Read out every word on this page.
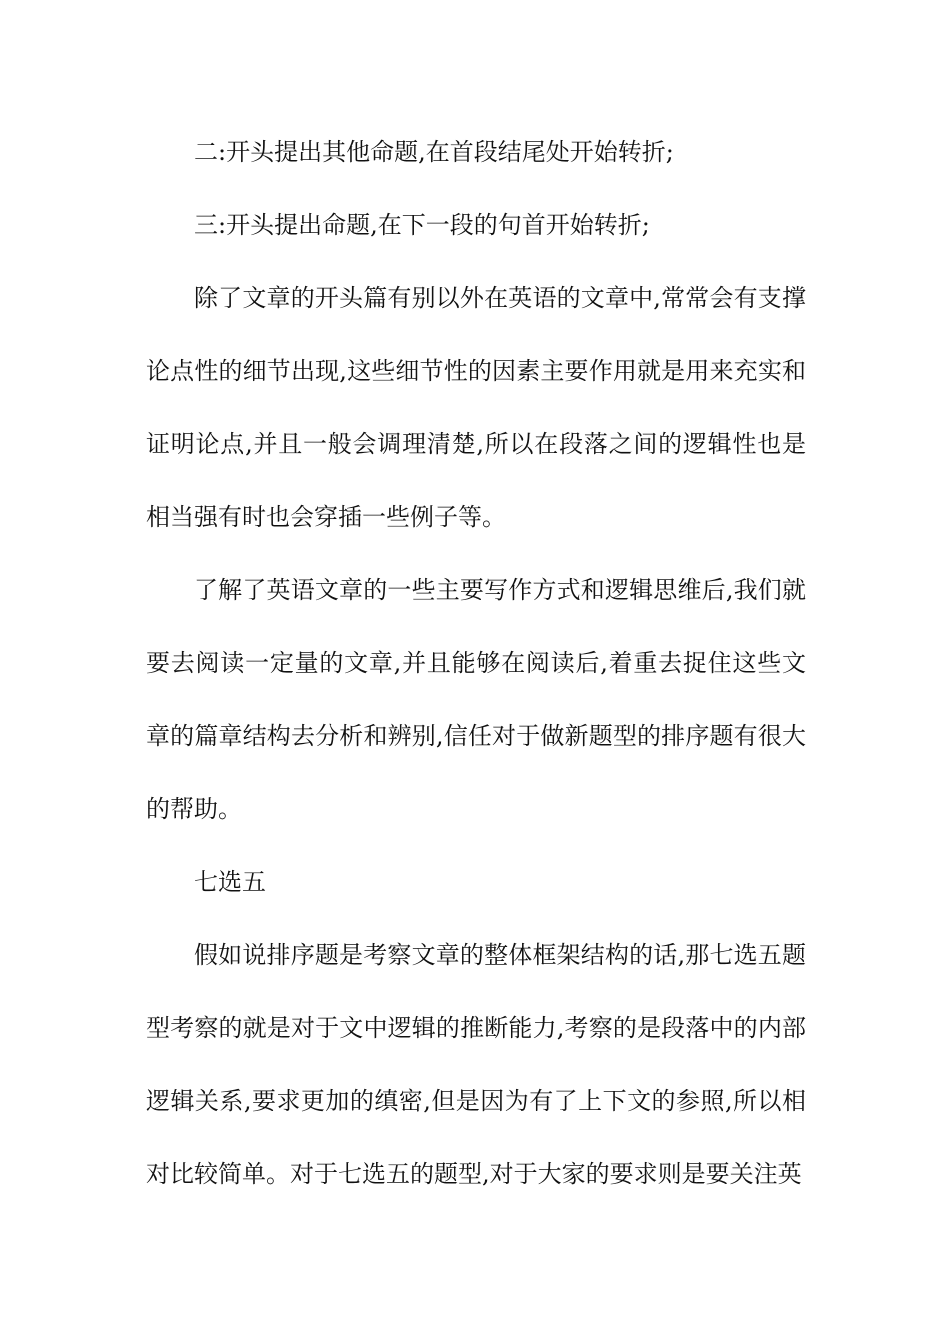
二:开头提出其他命题,在首段结尾处开始转折;

三:开头提出命题,在下一段的句首开始转折;

除了文章的开头篇有别以外在英语的文章中,常常会有支撑论点性的细节出现,这些细节性的因素主要作用就是用来充实和证明论点,并且一般会调理清楚,所以在段落之间的逻辑性也是相当强有时也会穿插一些例子等。

了解了英语文章的一些主要写作方式和逻辑思维后,我们就要去阅读一定量的文章,并且能够在阅读后,着重去捉住这些文章的篇章结构去分析和辨别,信任对于做新题型的排序题有很大的帮助。

七选五

假如说排序题是考察文章的整体框架结构的话,那七选五题型考察的就是对于文中逻辑的推断能力,考察的是段落中的内部逻辑关系,要求更加的缜密,但是因为有了上下文的参照,所以相对比较简单。对于七选五的题型,对于大家的要求则是要关注英
